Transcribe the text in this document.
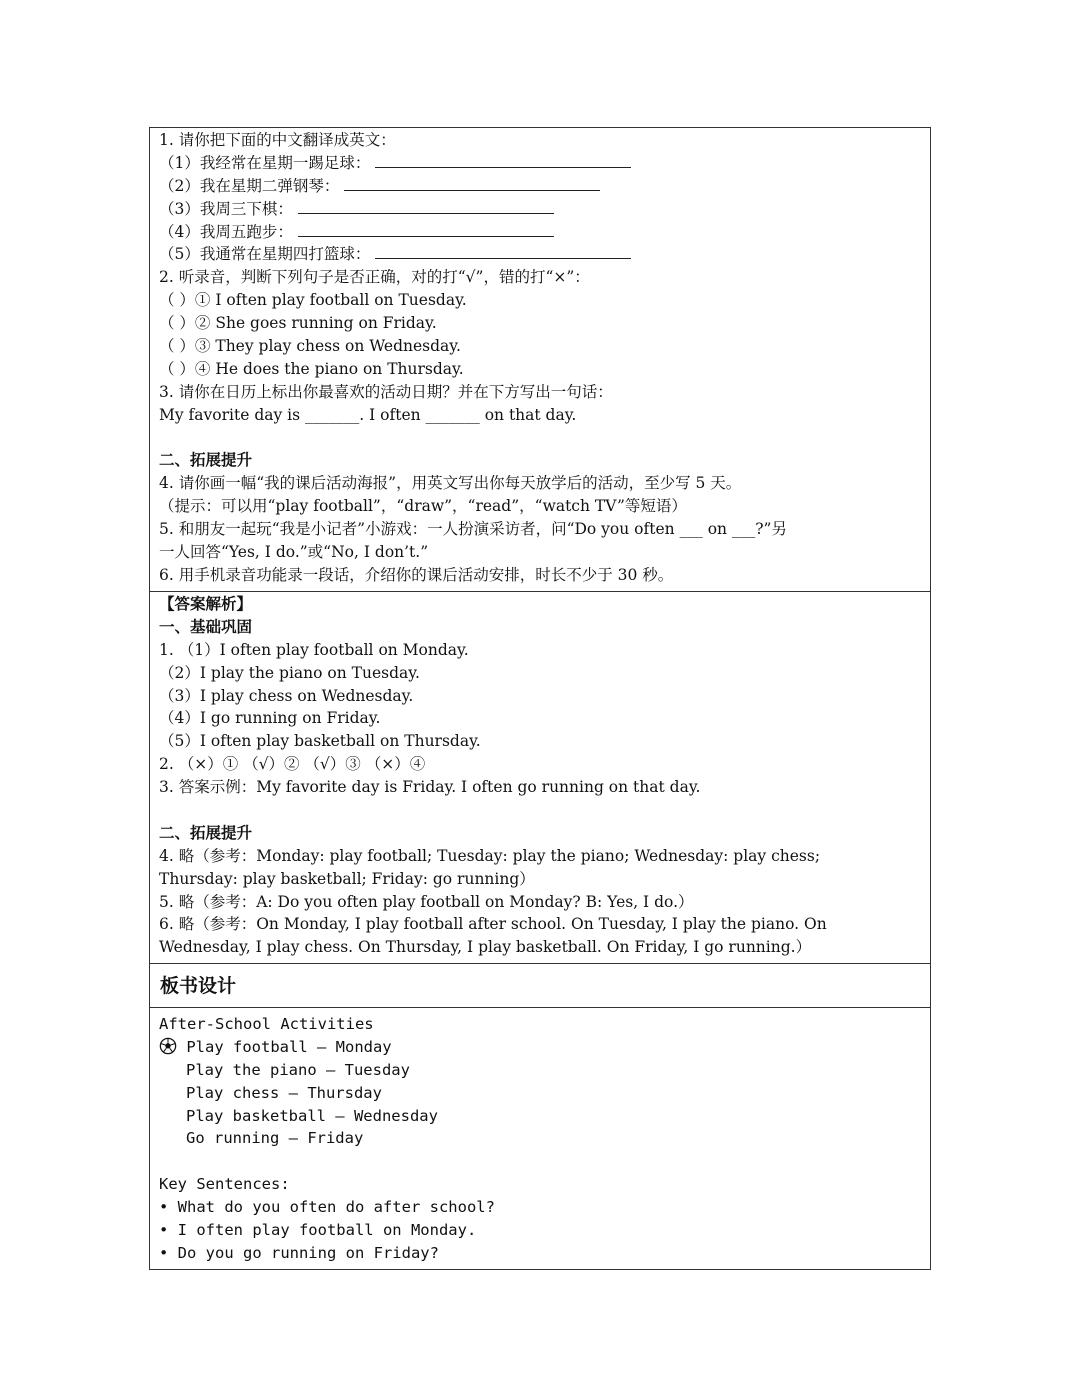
1. 请你把下面的中文翻译成英文：
（1）我经常在星期一踢足球：
（2）我在星期二弹钢琴：
（3）我周三下棋：
（4）我周五跑步：
（5）我通常在星期四打篮球：
2. 听录音，判断下列句子是否正确，对的打“√”，错的打“×”：
（ ）① I often play football on Tuesday.
（ ）② She goes running on Friday.
（ ）③ They play chess on Wednesday.
（ ）④ He does the piano on Thursday.
3. 请你在日历上标出你最喜欢的活动日期？并在下方写出一句话：
My favorite day is _______. I often _______ on that day.
二、拓展提升
4. 请你画一幅“我的课后活动海报”，用英文写出你每天放学后的活动，至少写 5 天。
（提示：可以用“play football”，“draw”，“read”，“watch TV”等短语）
5. 和朋友一起玩“我是小记者”小游戏：一人扮演采访者，问“Do you often ___ on ___?”另
一人回答“Yes, I do.”或“No, I don’t.”
6. 用手机录音功能录一段话，介绍你的课后活动安排，时长不少于 30 秒。
【答案解析】
一、基础巩固
1. （1）I often play football on Monday.
（2）I play the piano on Tuesday.
（3）I play chess on Wednesday.
（4）I go running on Friday.
（5）I often play basketball on Thursday.
2. （×）① （√）② （√）③ （×）④
3. 答案示例：My favorite day is Friday. I often go running on that day.
二、拓展提升
4. 略（参考：Monday: play football; Tuesday: play the piano; Wednesday: play chess;
Thursday: play basketball; Friday: go running）
5. 略（参考：A: Do you often play football on Monday? B: Yes, I do.）
6. 略（参考：On Monday, I play football after school. On Tuesday, I play the piano. On
Wednesday, I play chess. On Thursday, I play basketball. On Friday, I go running.）
板书设计
After-School Activities
Play football — Monday
Play the piano — Tuesday
Play chess — Thursday
Play basketball — Wednesday
Go running — Friday
Key Sentences:
• What do you often do after school?
• I often play football on Monday.
• Do you go running on Friday?
